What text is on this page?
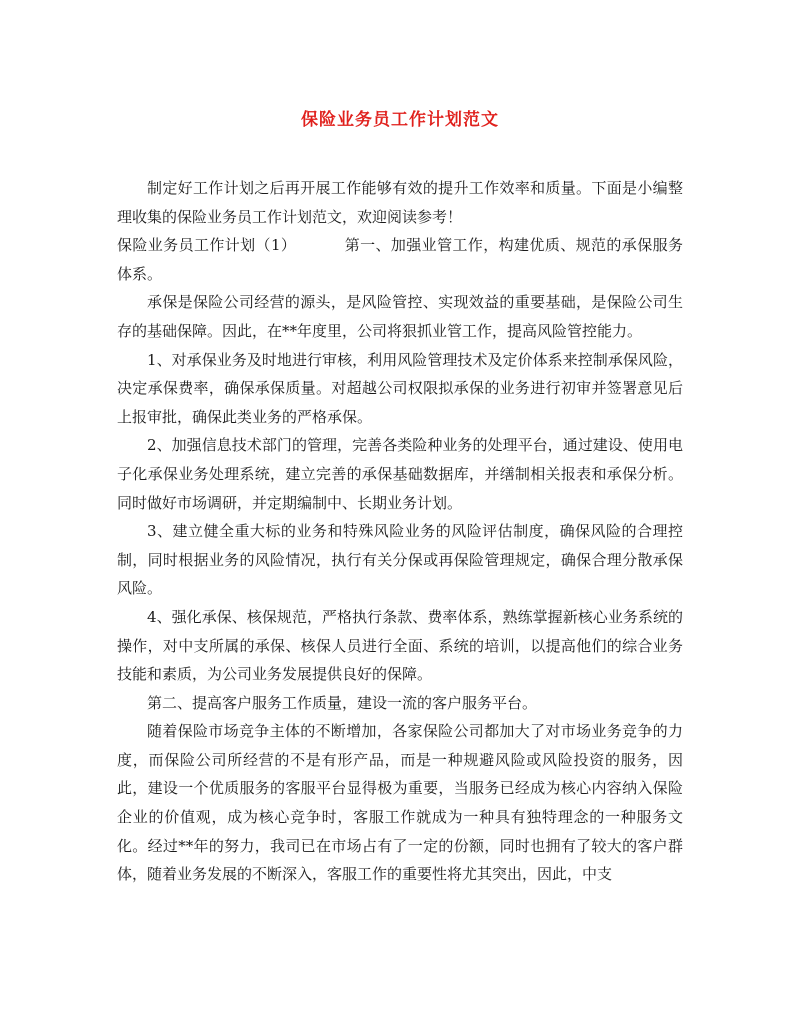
保险业务员工作计划范文

制定好工作计划之后再开展工作能够有效的提升工作效率和质量。下面是小编整理收集的保险业务员工作计划范文，欢迎阅读参考！

保险业务员工作计划（1）	第一、加强业管工作，构建优质、规范的承保服务体系。

承保是保险公司经营的源头，是风险管控、实现效益的重要基础，是保险公司生存的基础保障。因此，在**年度里，公司将狠抓业管工作，提高风险管控能力。

1、对承保业务及时地进行审核，利用风险管理技术及定价体系来控制承保风险，决定承保费率，确保承保质量。对超越公司权限拟承保的业务进行初审并签署意见后上报审批，确保此类业务的严格承保。

2、加强信息技术部门的管理，完善各类险种业务的处理平台，通过建设、使用电子化承保业务处理系统，建立完善的承保基础数据库，并缮制相关报表和承保分析。同时做好市场调研，并定期编制中、长期业务计划。

3、建立健全重大标的业务和特殊风险业务的风险评估制度，确保风险的合理控制，同时根据业务的风险情况，执行有关分保或再保险管理规定，确保合理分散承保风险。

4、强化承保、核保规范，严格执行条款、费率体系，熟练掌握新核心业务系统的操作，对中支所属的承保、核保人员进行全面、系统的培训，以提高他们的综合业务技能和素质，为公司业务发展提供良好的保障。

第二、提高客户服务工作质量，建设一流的客户服务平台。

随着保险市场竞争主体的不断增加，各家保险公司都加大了对市场业务竞争的力度，而保险公司所经营的不是有形产品，而是一种规避风险或风险投资的服务，因此，建设一个优质服务的客服平台显得极为重要，当服务已经成为核心内容纳入保险企业的价值观，成为核心竞争时，客服工作就成为一种具有独特理念的一种服务文化。经过**年的努力，我司已在市场占有了一定的份额，同时也拥有了较大的客户群体，随着业务发展的不断深入，客服工作的重要性将尤其突出，因此，中支
